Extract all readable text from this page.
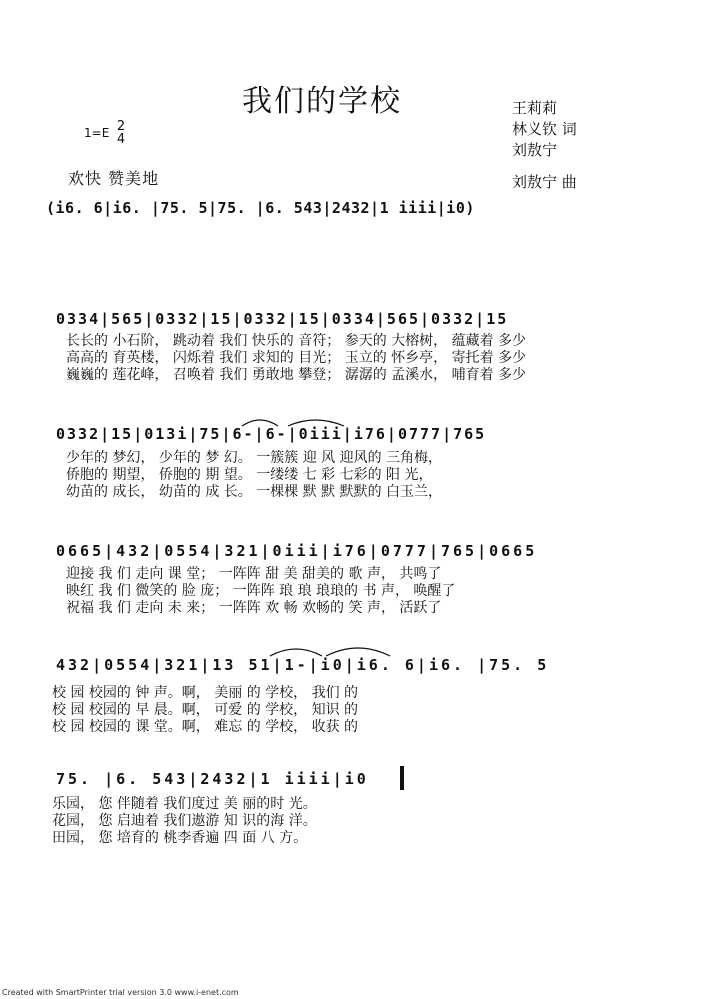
我们的学校
1=E 2
4
欢快 赞美地
王莉莉
林义钦 词
刘敖宁
刘敖宁 曲
(i6. 6|i6. |75. 5|75. |6. 543|2432|1 iiii|i0)
0334|565|0332|15|0332|15|0334|565|0332|15
长长的 小石阶， 跳动着 我们 快乐的 音符； 参天的 大榕树， 蕴藏着 多少
高高的 育英楼， 闪烁着 我们 求知的 目光； 玉立的 怀乡亭， 寄托着 多少
巍巍的 莲花峰， 召唤着 我们 勇敢地 攀登； 潺潺的 孟溪水， 哺育着 多少
0332|15|013i|75|6-|6-|0iii|i76|0777|765
少年的 梦幻， 少年的 梦 幻。 一簇簇 迎 风 迎风的 三角梅，
侨胞的 期望， 侨胞的 期 望。 一缕缕 七 彩 七彩的 阳 光，
幼苗的 成长， 幼苗的 成 长。 一棵棵 默 默 默默的 白玉兰，
0665|432|0554|321|0iii|i76|0777|765|0665
迎接 我 们 走向 课 堂； 一阵阵 甜 美 甜美的 歌 声， 共鸣了
映红 我 们 微笑的 脸 庞； 一阵阵 琅 琅 琅琅的 书 声， 唤醒了
祝福 我 们 走向 未 来； 一阵阵 欢 畅 欢畅的 笑 声， 活跃了
432|0554|321|13 51|1-|i0|i6. 6|i6. |75. 5
校 园 校园的 钟 声。啊， 美丽 的 学校， 我们 的
校 园 校园的 早 晨。啊， 可爱 的 学校， 知识 的
校 园 校园的 课 堂。啊， 难忘 的 学校， 收获 的
75. |6. 543|2432|1 iiii|i0
乐园， 您 伴随着 我们度过 美 丽的时 光。
花园， 您 启迪着 我们遨游 知 识的海 洋。
田园， 您 培育的 桃李香遍 四 面 八 方。
Created with SmartPrinter trial version 3.0 www.i-enet.com
